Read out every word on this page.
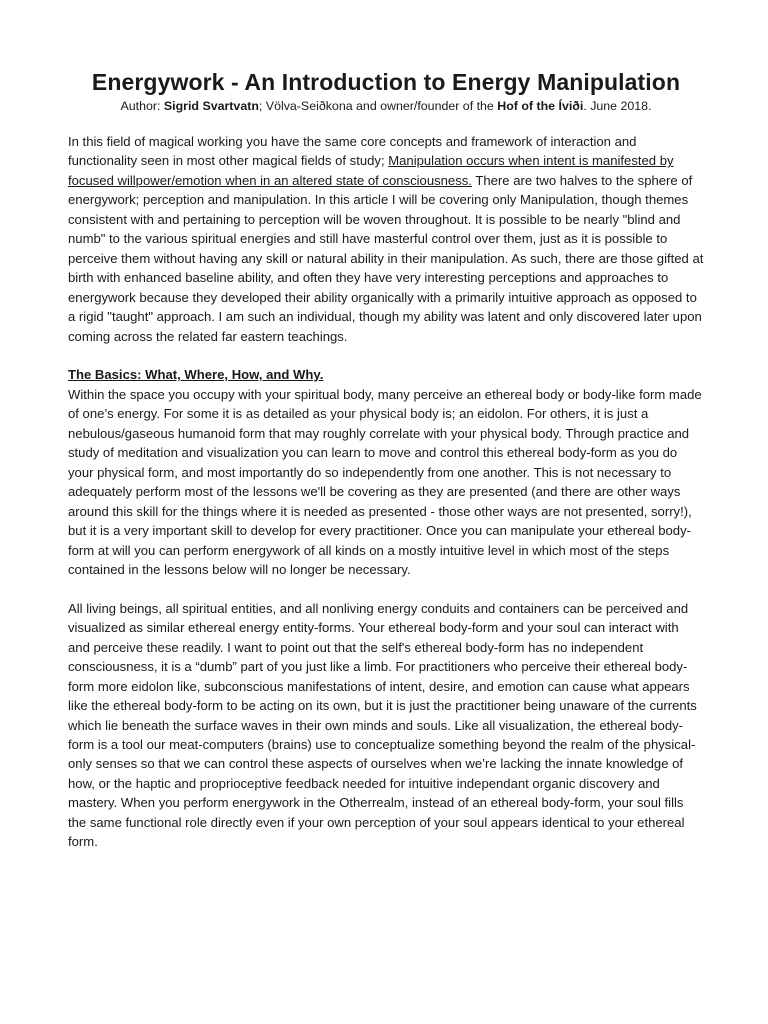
Energywork - An Introduction to Energy Manipulation

Author: Sigrid Svartvatn; Völva-Seiðkona and owner/founder of the Hof of the Íviði. June 2018.

In this field of magical working you have the same core concepts and framework of interaction and functionality seen in most other magical fields of study; Manipulation occurs when intent is manifested by focused willpower/emotion when in an altered state of consciousness. There are two halves to the sphere of energywork; perception and manipulation. In this article I will be covering only Manipulation, though themes consistent with and pertaining to perception will be woven throughout. It is possible to be nearly "blind and numb" to the various spiritual energies and still have masterful control over them, just as it is possible to perceive them without having any skill or natural ability in their manipulation. As such, there are those gifted at birth with enhanced baseline ability, and often they have very interesting perceptions and approaches to energywork because they developed their ability organically with a primarily intuitive approach as opposed to a rigid "taught" approach. I am such an individual, though my ability was latent and only discovered later upon coming across the related far eastern teachings.

The Basics: What, Where, How, and Why.
Within the space you occupy with your spiritual body, many perceive an ethereal body or body-like form made of one’s energy. For some it is as detailed as your physical body is; an eidolon. For others, it is just a nebulous/gaseous humanoid form that may roughly correlate with your physical body. Through practice and study of meditation and visualization you can learn to move and control this ethereal body-form as you do your physical form, and most importantly do so independently from one another. This is not necessary to adequately perform most of the lessons we'll be covering as they are presented (and there are other ways around this skill for the things where it is needed as presented - those other ways are not presented, sorry!), but it is a very important skill to develop for every practitioner. Once you can manipulate your ethereal body-form at will you can perform energywork of all kinds on a mostly intuitive level in which most of the steps contained in the lessons below will no longer be necessary.

All living beings, all spiritual entities, and all nonliving energy conduits and containers can be perceived and visualized as similar ethereal energy entity-forms. Your ethereal body-form and your soul can interact with and perceive these readily. I want to point out that the self's ethereal body-form has no independent consciousness, it is a “dumb” part of you just like a limb. For practitioners who perceive their ethereal body-form more eidolon like, subconscious manifestations of intent, desire, and emotion can cause what appears like the ethereal body-form to be acting on its own, but it is just the practitioner being unaware of the currents which lie beneath the surface waves in their own minds and souls. Like all visualization, the ethereal body-form is a tool our meat-computers (brains) use to conceptualize something beyond the realm of the physical-only senses so that we can control these aspects of ourselves when we’re lacking the innate knowledge of how, or the haptic and proprioceptive feedback needed for intuitive independant organic discovery and mastery. When you perform energywork in the Otherrealm, instead of an ethereal body-form, your soul fills the same functional role directly even if your own perception of your soul appears identical to your ethereal form.
